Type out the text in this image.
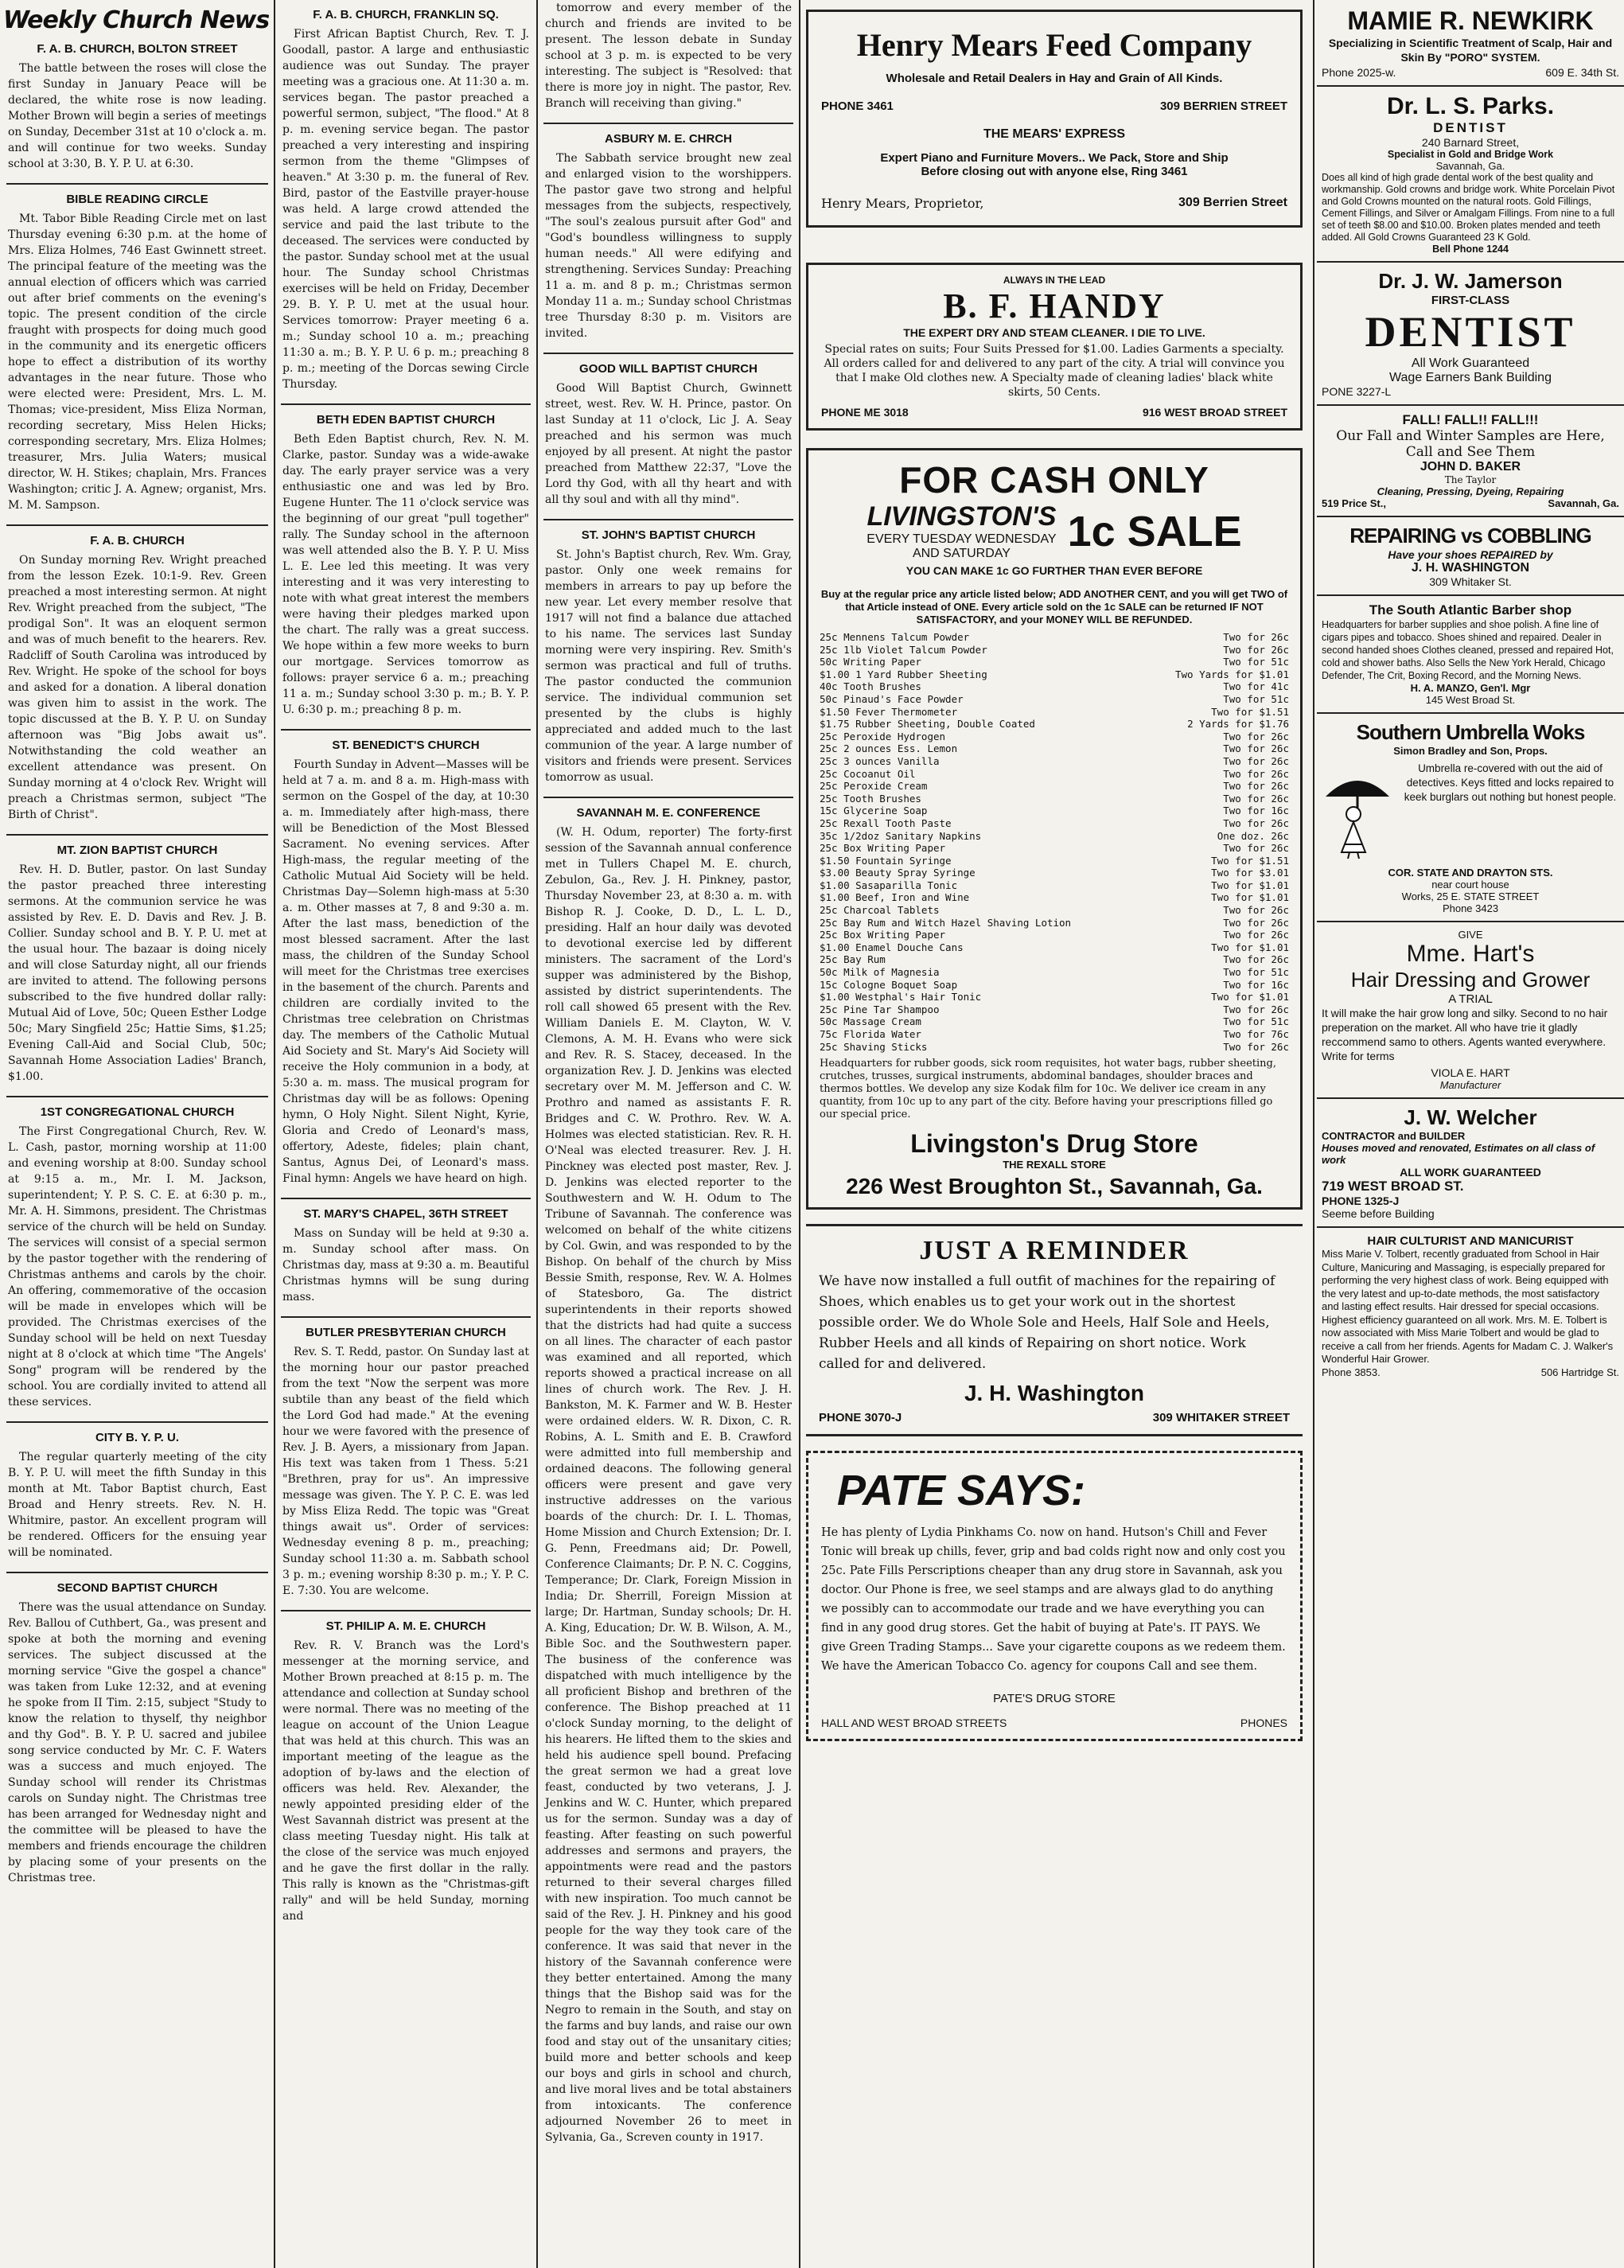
Weekly Church News
F. A. B. CHURCH, BOLTON STREET

The battle between the roses will close the first Sunday in January Peace will be declared, the white rose is now leading. Mother Brown will begin a series of meetings on Sunday, December 31st at 10 o'clock a. m. and will continue for two weeks. Sunday school at 3:30, B. Y. P. U. at 6:30.

BIBLE READING CIRCLE

Mt. Tabor Bible Reading Circle met on last Thursday evening 6:30 p.m. at the home of Mrs. Eliza Holmes, 746 East Gwinnett street. The principal feature of the meeting was the annual election of officers which was carried out after brief comments on the evening's topic. The present condition of the circle fraught with prospects for doing much good in the community and its energetic officers hope to effect a distribution of its worthy advantages in the near future. Those who were elected were: President, Mrs. L. M. Thomas; vice-president, Miss Eliza Norman, recording secretary, Miss Helen Hicks; corresponding secretary, Mrs. Eliza Holmes; treasurer, Mrs. Julia Waters; musical director, W. H. Stikes; chaplain, Mrs. Frances Washington; critic J. A. Agnew; organist, Mrs. M. M. Sampson.

F. A. B. CHURCH

On Sunday morning Rev. Wright preached from the lesson Ezek. 10:1-9. Rev. Green preached a most interesting sermon. At night Rev. Wright preached from the subject, "The prodigal Son". It was an eloquent sermon and was of much benefit to the hearers. Rev. Radcliff of South Carolina was introduced by Rev. Wright. He spoke of the school for boys and asked for a donation. A liberal donation was given him to assist in the work. The topic discussed at the B. Y. P. U. on Sunday afternoon was "Big Jobs await us". Notwithstanding the cold weather an excellent attendance was present. On Sunday morning at 4 o'clock Rev. Wright will preach a Christmas sermon, subject "The Birth of Christ".

MT. ZION BAPTIST CHURCH

Rev. H. D. Butler, pastor. On last Sunday the pastor preached three interesting sermons. At the communion service he was assisted by Rev. E. D. Davis and Rev. J. B. Collier. Sunday school and B. Y. P. U. met at the usual hour. The bazaar is doing nicely and will close Saturday night, all our friends are invited to attend. The following persons subscribed to the five hundred dollar rally: Mutual Aid of Love, 50c; Queen Esther Lodge 50c; Mary Singfield 25c; Hattie Sims, $1.25; Evening Call-Aid and Social Club, 50c; Savannah Home Association Ladies' Branch, $1.00.

1ST CONGREGATIONAL CHURCH

The First Congregational Church, Rev. W. L. Cash, pastor, morning worship at 11:00 and evening worship at 8:00. Sunday school at 9:15 a. m., Mr. I. M. Jackson, superintendent; Y. P. S. C. E. at 6:30 p. m., Mr. A. H. Simmons, president. The Christmas service of the church will be held on Sunday. The services will consist of a special sermon by the pastor together with the rendering of Christmas anthems and carols by the choir. An offering, commemorative of the occasion will be made in envelopes which will be provided. The Christmas exercises of the Sunday school will be held on next Tuesday night at 8 o'clock at which time "The Angels' Song" program will be rendered by the school. You are cordially invited to attend all these services.

CITY B. Y. P. U.

The regular quarterly meeting of the city B. Y. P. U. will meet the fifth Sunday in this month at Mt. Tabor Baptist church, East Broad and Henry streets. Rev. N. H. Whitmire, pastor. An excellent program will be rendered. Officers for the ensuing year will be nominated.

SECOND BAPTIST CHURCH

There was the usual attendance on Sunday. Rev. Ballou of Cuthbert, Ga., was present and spoke at both the morning and evening services. The subject discussed at the morning service "Give the gospel a chance" was taken from Luke 12:32, and at evening he spoke from II Tim. 2:15, subject "Study to know the relation to thyself, thy neighbor and thy God". B. Y. P. U. sacred and jubilee song service conducted by Mr. C. F. Waters was a success and much enjoyed. The Sunday school will render its Christmas carols on Sunday night. The Christmas tree has been arranged for Wednesday night and the committee will be pleased to have the members and friends encourage the children by placing some of your presents on the Christmas tree.

F. A. B. CHURCH, FRANKLIN SQ.

First African Baptist Church, Rev. T. J. Goodall, pastor. A large and enthusiastic audience was out Sunday. The prayer meeting was a gracious one. At 11:30 a. m. services began. The pastor preached a powerful sermon, subject, "The flood." At 8 p. m. evening service began. The pastor preached a very interesting and inspiring sermon from the theme "Glimpses of heaven." At 3:30 p. m. the funeral of Rev. Bird, pastor of the Eastville prayer-house was held. A large crowd attended the service and paid the last tribute to the deceased. The services were conducted by the pastor. Sunday school met at the usual hour. The Sunday school Christmas exercises will be held on Friday, December 29. B. Y. P. U. met at the usual hour. Services tomorrow: Prayer meeting 6 a. m.; Sunday school 10 a. m.; preaching 11:30 a. m.; B. Y. P. U. 6 p. m.; preaching 8 p. m.; meeting of the Dorcas sewing Circle Thursday.

BETH EDEN BAPTIST CHURCH

Beth Eden Baptist church, Rev. N. M. Clarke, pastor. Sunday was a wide-awake day. The early prayer service was a very enthusiastic one and was led by Bro. Eugene Hunter. The 11 o'clock service was the beginning of our great "pull together" rally. The Sunday school in the afternoon was well attended also the B. Y. P. U. Miss L. E. Lee led this meeting. It was very interesting and it was very interesting to note with what great interest the members were having their pledges marked upon the chart. The rally was a great success. We hope within a few more weeks to burn our mortgage. Services tomorrow as follows: prayer service 6 a. m.; preaching 11 a. m.; Sunday school 3:30 p. m.; B. Y. P. U. 6:30 p. m.; preaching 8 p. m.

ST. BENEDICT'S CHURCH

Fourth Sunday in Advent—Masses will be held at 7 a. m. and 8 a. m. High-mass with sermon on the Gospel of the day, at 10:30 a. m. Immediately after high-mass, there will be Benediction of the Most Blessed Sacrament. No evening services. After High-mass, the regular meeting of the Catholic Mutual Aid Society will be held. Christmas Day—Solemn high-mass at 5:30 a. m. Other masses at 7, 8 and 9:30 a. m. After the last mass, benediction of the most blessed sacrament. After the last mass, the children of the Sunday School will meet for the Christmas tree exercises in the basement of the church. Parents and children are cordially invited to the Christmas tree celebration on Christmas day. The members of the Catholic Mutual Aid Society and St. Mary's Aid Society will receive the Holy communion in a body, at 5:30 a. m. mass. The musical program for Christmas day will be as follows: Opening hymn, O Holy Night. Silent Night, Kyrie, Gloria and Credo of Leonard's mass, offertory, Adeste, fideles; plain chant, Santus, Agnus Dei, of Leonard's mass. Final hymn: Angels we have heard on high.

ST. MARY'S CHAPEL, 36TH STREET

Mass on Sunday will be held at 9:30 a. m. Sunday school after mass. On Christmas day, mass at 9:30 a. m. Beautiful Christmas hymns will be sung during mass.

BUTLER PRESBYTERIAN CHURCH

Rev. S. T. Redd, pastor. On Sunday last at the morning hour our pastor preached from the text "Now the serpent was more subtile than any beast of the field which the Lord God had made." At the evening hour we were favored with the presence of Rev. J. B. Ayers, a missionary from Japan. His text was taken from 1 Thess. 5:21 "Brethren, pray for us". An impressive message was given. The Y. P. C. E. was led by Miss Eliza Redd. The topic was "Great things await us". Order of services: Wednesday evening 8 p. m., preaching; Sunday school 11:30 a. m. Sabbath school 3 p. m.; evening worship 8:30 p. m.; Y. P. C. E. 7:30. You are welcome.

ST. PHILIP A. M. E. CHURCH

Rev. R. V. Branch was the Lord's messenger at the morning service, and Mother Brown preached at 8:15 p. m. The attendance and collection at Sunday school were normal. There was no meeting of the league on account of the Union League that was held at this church. This was an important meeting of the league as the adoption of by-laws and the election of officers was held. Rev. Alexander, the newly appointed presiding elder of the West Savannah district was present at the class meeting Tuesday night. His talk at the close of the service was much enjoyed and he gave the first dollar in the rally. This rally is known as the "Christmas-gift rally" and will be held Sunday, morning and

tomorrow and every member of the church and friends are invited to be present. The lesson debate in Sunday school at 3 p. m. is expected to be very interesting. The subject is "Resolved: that there is more joy in night. The pastor, Rev. Branch will receiving than giving."

ASBURY M. E. CHRCH

The Sabbath service brought new zeal and enlarged vision to the worshippers. The pastor gave two strong and helpful messages from the subjects, respectively, "The soul's zealous pursuit after God" and "God's boundless willingness to supply human needs." All were edifying and strengthening. Services Sunday: Preaching 11 a. m. and 8 p. m.; Christmas sermon Monday 11 a. m.; Sunday school Christmas tree Thursday 8:30 p. m. Visitors are invited.

GOOD WILL BAPTIST CHURCH

Good Will Baptist Church, Gwinnett street, west. Rev. W. H. Prince, pastor. On last Sunday at 11 o'clock, Lic J. A. Seay preached and his sermon was much enjoyed by all present. At night the pastor preached from Matthew 22:37, "Love the Lord thy God, with all thy heart and with all thy soul and with all thy mind".

ST. JOHN'S BAPTIST CHURCH

St. John's Baptist church, Rev. Wm. Gray, pastor. Only one week remains for members in arrears to pay up before the new year. Let every member resolve that 1917 will not find a balance due attached to his name. The services last Sunday morning were very inspiring. Rev. Smith's sermon was practical and full of truths. The pastor conducted the communion service. The individual communion set presented by the clubs is highly appreciated and added much to the last communion of the year. A large number of visitors and friends were present. Services tomorrow as usual.

SAVANNAH M. E. CONFERENCE

(W. H. Odum, reporter) The forty-first session of the Savannah annual conference met in Tullers Chapel M. E. church, Zebulon, Ga., Rev. J. H. Pinkney, pastor, Thursday November 23, at 8:30 a. m. with Bishop R. J. Cooke, D. D., L. L. D., presiding. Half an hour daily was devoted to devotional exercise led by different ministers. The sacrament of the Lord's supper was administered by the Bishop, assisted by district superintendents. The roll call showed 65 present with the Rev. William Daniels E. M. Clayton, W. V. Clemons, A. M. H. Evans who were sick and Rev. R. S. Stacey, deceased. In the organization Rev. J. D. Jenkins was elected secretary over M. M. Jefferson and C. W. Prothro and named as assistants F. R. Bridges and C. W. Prothro. Rev. W. A. Holmes was elected statistician. Rev. R. H. O'Neal was elected treasurer. Rev. J. H. Pinckney was elected post master, Rev. J. D. Jenkins was elected reporter to the Southwestern and W. H. Odum to The Tribune of Savannah. The conference was welcomed on behalf of the white citizens by Col. Gwin, and was responded to by the Bishop. On behalf of the church by Miss Bessie Smith, response, Rev. W. A. Holmes of Statesboro, Ga. The district superintendents in their reports showed that the districts had had quite a success on all lines. The character of each pastor was examined and all reported, which reports showed a practical increase on all lines of church work. The Rev. J. H. Bankston, M. K. Farmer and W. B. Hester were ordained elders. W. R. Dixon, C. R. Robins, A. L. Smith and E. B. Crawford were admitted into full membership and ordained deacons. The following general officers were present and gave very instructive addresses on the various boards of the church: Dr. I. L. Thomas, Home Mission and Church Extension; Dr. I. G. Penn, Freedmans aid; Dr. Powell, Conference Claimants; Dr. P. N. C. Coggins, Temperance; Dr. Clark, Foreign Mission in India; Dr. Sherrill, Foreign Mission at large; Dr. Hartman, Sunday schools; Dr. H. A. King, Education; Dr. W. B. Wilson, A. M., Bible Soc. and the Southwestern paper. The business of the conference was dispatched with much intelligence by the all proficient Bishop and brethren of the conference. The Bishop preached at 11 o'clock Sunday morning, to the delight of his hearers. He lifted them to the skies and held his audience spell bound. Prefacing the great sermon we had a great love feast, conducted by two veterans, J. J. Jenkins and W. C. Hunter, which prepared us for the sermon. Sunday was a day of feasting. After feasting on such powerful addresses and sermons and prayers, the appointments were read and the pastors returned to their several charges filled with new inspiration. Too much cannot be said of the Rev. J. H. Pinkney and his good people for the way they took care of the conference. It was said that never in the history of the Savannah conference were they better entertained. Among the many things that the Bishop said was for the Negro to remain in the South, and stay on the farms and buy lands, and raise our own food and stay out of the unsanitary cities; build more and better schools and keep our boys and girls in school and church, and live moral lives and be total abstainers from intoxicants. The conference adjourned November 26 to meet in Sylvania, Ga., Screven county in 1917.

Henry Mears Feed Company
Wholesale and Retail Dealers in Hay and Grain of All Kinds.
PHONE 3461	309 BERRIEN STREET
THE MEARS' EXPRESS
Expert Piano and Furniture Movers.. We Pack, Store and Ship
Before closing out with anyone else, Ring 3461
Henry Mears, Proprietor,	309 Berrien Street
ALWAYS IN THE LEAD
B. F. HANDY
THE EXPERT DRY AND STEAM CLEANER. I DIE TO LIVE.
Special rates on suits; Four Suits Pressed for $1.00. Ladies Garments a specialty. All orders called for and delivered to any part of the city. A trial will convince you that I make Old clothes new. A Specialty made of cleaning ladies' black white skirts, 50 Cents.
PHONE ME 3018	916 WEST BROAD STREET
FOR CASH ONLY
LIVINGSTON'S
EVERY TUESDAY WEDNESDAY
AND SATURDAY	1c SALE
YOU CAN MAKE 1c GO FURTHER THAN EVER BEFORE
Buy at the regular price any article listed below; ADD ANOTHER CENT, and you will get TWO of that Article instead of ONE. Every article sold on the 1c SALE can be returned IF NOT SATISFACTORY, and your MONEY WILL BE REFUNDED.
25c Mennens Talcum Powder	Two for 26c
25c 1lb Violet Talcum Powder	Two for 26c
50c Writing Paper	Two for 51c
$1.00 1 Yard Rubber Sheeting	Two Yards for $1.01
40c Tooth Brushes	Two for 41c
50c Pinaud's Face Powder	Two for 51c
$1.50 Fever Thermometer	Two for $1.51
$1.75 Rubber Sheeting, Double Coated	2 Yards for $1.76
25c Peroxide Hydrogen	Two for 26c
25c 2 ounces Ess. Lemon	Two for 26c
25c 3 ounces Vanilla	Two for 26c
25c Cocoanut Oil	Two for 26c
25c Peroxide Cream	Two for 26c
25c Tooth Brushes	Two for 26c
15c Glycerine Soap	Two for 16c
25c Rexall Tooth Paste	Two for 26c
35c 1/2doz Sanitary Napkins	One doz. 26c
25c Box Writing Paper	Two for 26c
$1.50 Fountain Syringe	Two for $1.51
$3.00 Beauty Spray Syringe	Two for $3.01
$1.00 Sasaparilla Tonic	Two for $1.01
$1.00 Beef, Iron and Wine	Two for $1.01
25c Charcoal Tablets	Two for 26c
25c Bay Rum and Witch Hazel Shaving Lotion	Two for 26c
25c Box Writing Paper	Two for 26c
$1.00 Enamel Douche Cans	Two for $1.01
25c Bay Rum	Two for 26c
50c Milk of Magnesia	Two for 51c
15c Cologne Boquet Soap	Two for 16c
$1.00 Westphal's Hair Tonic	Two for $1.01
25c Pine Tar Shampoo	Two for 26c
50c Massage Cream	Two for 51c
75c Florida Water	Two for 76c
25c Shaving Sticks	Two for 26c
Headquarters for rubber goods, sick room requisites, hot water bags, rubber sheeting, crutches, trusses, surgical instruments, abdominal bandages, shoulder braces and thermos bottles. We develop any size Kodak film for 10c. We deliver ice cream in any quantity, from 10c up to any part of the city. Before having your prescriptions filled go our special price.
Livingston's Drug Store
THE REXALL STORE
226 West Broughton St., Savannah, Ga.
JUST A REMINDER
We have now installed a full outfit of machines for the repairing of Shoes, which enables us to get your work out in the shortest possible order. We do Whole Sole and Heels, Half Sole and Heels, Rubber Heels and all kinds of Repairing on short notice. Work called for and delivered.
J. H. Washington
PHONE 3070-J	309 WHITAKER STREET
PATE SAYS:
He has plenty of Lydia Pinkhams Co. now on hand. Hutson's Chill and Fever Tonic will break up chills, fever, grip and bad colds right now and only cost you 25c. Pate Fills Perscriptions cheaper than any drug store in Savannah, ask you doctor. Our Phone is free, we seel stamps and are always glad to do anything we possibly can to accommodate our trade and we have everything you can find in any good drug stores. Get the habit of buying at Pate's. IT PAYS. We give Green Trading Stamps... Save your cigarette coupons as we redeem them. We have the American Tobacco Co. agency for coupons Call and see them.
PATE'S DRUG STORE
HALL AND WEST BROAD STREETS	PHONES
MAMIE R. NEWKIRK
Specializing in Scientific Treatment of Scalp, Hair and Skin By "PORO" SYSTEM.
Phone 2025-w.	609 E. 34th St.
Dr. L. S. Parks.
DENTIST
240 Barnard Street,
Specialist in Gold and Bridge Work
Savannah, Ga.
Does all kind of high grade dental work of the best quality and workmanship. Gold crowns and bridge work. White Porcelain Pivot and Gold Crowns mounted on the natural roots. Gold Fillings, Cement Fillings, and Silver or Amalgam Fillings. From nine to a full set of teeth $8.00 and $10.00. Broken plates mended and teeth added. All Gold Crowns Guaranteed 23 K Gold.
Bell Phone 1244
Dr. J. W. Jamerson
FIRST-CLASS
DENTIST
All Work Guaranteed
Wage Earners Bank Building
PONE 3227-L
FALL! FALL!! FALL!!!
Our Fall and Winter Samples are Here, Call and See Them
JOHN D. BAKER
The Taylor
Cleaning, Pressing, Dyeing, Repairing
519 Price St.,	Savannah, Ga.
REPAIRING vs COBBLING
Have your shoes REPAIRED by
J. H. WASHINGTON
309 Whitaker St.
The South Atlantic Barber shop
Headquarters for barber supplies and shoe polish. A fine line of cigars pipes and tobacco. Shoes shined and repaired. Dealer in second handed shoes Clothes cleaned, pressed and repaired Hot, cold and shower baths. Also Sells the New York Herald, Chicago Defender, The Crit, Boxing Record, and the Morning News.
H. A. MANZO, Gen'l. Mgr
145 West Broad St.
Southern Umbrella Woks
Simon Bradley and Son, Props.
Umbrella re-covered with out the aid of detectives. Keys fitted and locks repaired to keek burglars out nothing but honest people.
COR. STATE AND DRAYTON STS.
near court house
Works, 25 E. STATE STREET
Phone 3423
GIVE
Mme. Hart's
Hair Dressing and Grower
A TRIAL
It will make the hair grow long and silky. Second to no hair preperation on the market. All who have trie it gladly reccommend samo to others. Agents wanted everywhere. Write for terms
VIOLA E. HART
Manufacturer
J. W. Welcher
CONTRACTOR and BUILDER
Houses moved and renovated, Estimates on all class of work
ALL WORK GUARANTEED
719 WEST BROAD ST.
PHONE 1325-J
Seeme before Building
HAIR CULTURIST AND MANICURIST
Miss Marie V. Tolbert, recently graduated from School in Hair Culture, Manicuring and Massaging, is especially prepared for performing the very highest class of work. Being equipped with the very latest and up-to-date methods, the most satisfactory and lasting effect results. Hair dressed for special occasions. Highest efficiency guaranteed on all work. Mrs. M. E. Tolbert is now associated with Miss Marie Tolbert and would be glad to receive a call from her friends. Agents for Madam C. J. Walker's Wonderful Hair Grower.
Phone 3853.	506 Hartridge St.
